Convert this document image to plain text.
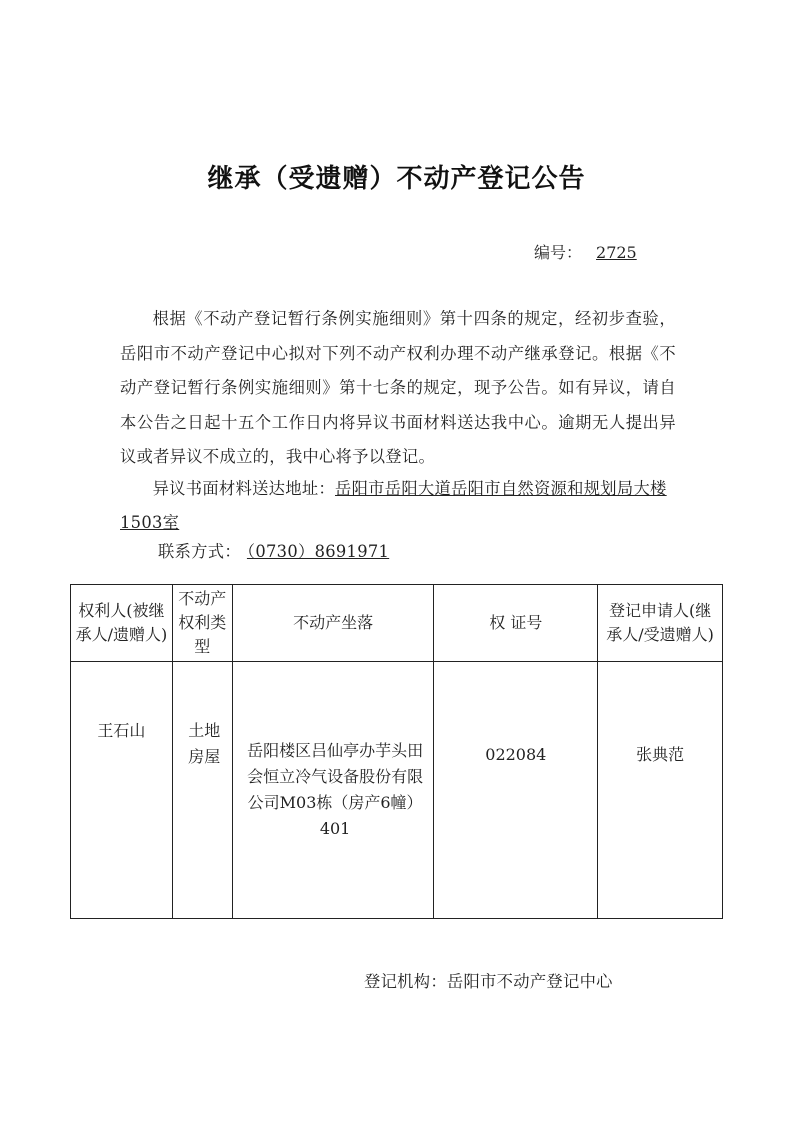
继承（受遗赠）不动产登记公告
编号： 2725

根据《不动产登记暂行条例实施细则》第十四条的规定，经初步查验，岳阳市不动产登记中心拟对下列不动产权利办理不动产继承登记。根据《不动产登记暂行条例实施细则》第十七条的规定，现予公告。如有异议，请自本公告之日起十五个工作日内将异议书面材料送达我中心。逾期无人提出异议或者异议不成立的，我中心将予以登记。

异议书面材料送达地址：岳阳市岳阳大道岳阳市自然资源和规划局大楼1503室
联系方式： （0730）8691971
权利人(被继承人/遗赠人)	不动产权利类型	不动产坐落	权 证号	登记申请人(继承人/受遗赠人)
王石山	土地房屋	岳阳楼区吕仙亭办芋头田会恒立冷气设备股份有限公司M03栋（房产6幢）401	022084	张典范
登记机构：岳阳市不动产登记中心
